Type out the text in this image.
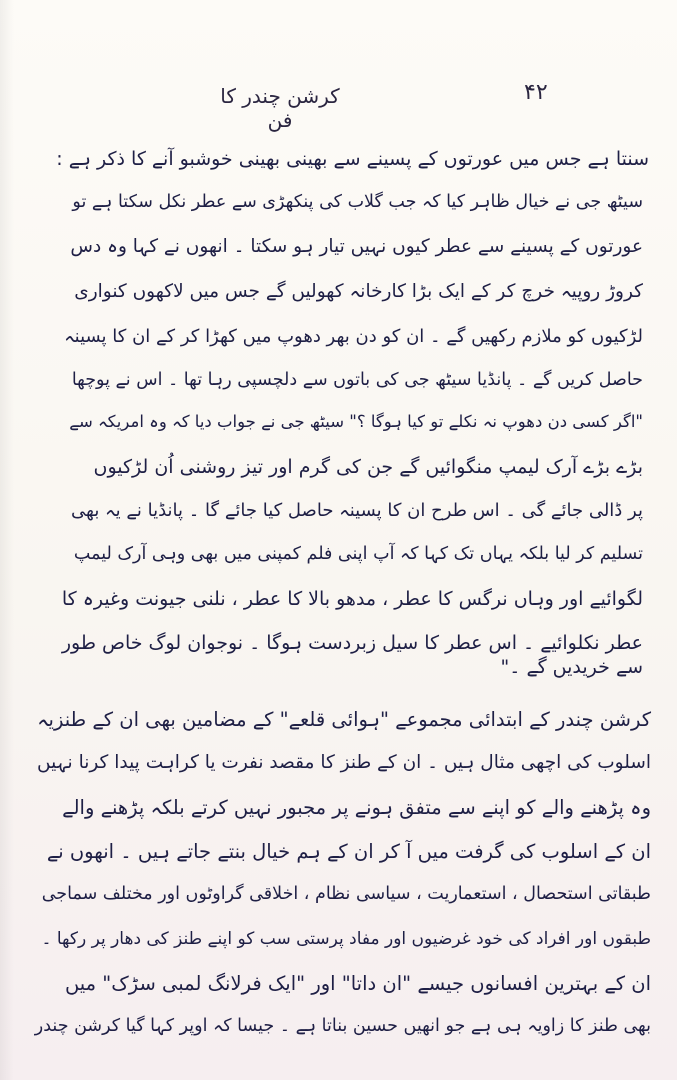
۴۲
کرشن چندر کا فن
سنتا ہے جس میں عورتوں کے پسینے سے بھینی بھینی خوشبو آنے کا ذکر ہے :
سیٹھ جی نے خیال ظاہر کیا کہ جب گلاب کی پنکھڑی سے عطر نکل سکتا ہے تو
عورتوں کے پسینے سے عطر کیوں نہیں تیار ہو سکتا ۔ انھوں نے کہا وہ دس
کروڑ روپیہ خرچ کر کے ایک بڑا کارخانہ کھولیں گے جس میں لاکھوں کنواری
لڑکیوں کو ملازم رکھیں گے ۔ ان کو دن بھر دھوپ میں کھڑا کر کے ان کا پسینہ
حاصل کریں گے ۔ پانڈیا سیٹھ جی کی باتوں سے دلچسپی رہا تھا ۔ اس نے پوچھا
"اگر کسی دن دھوپ نہ نکلے تو کیا ہوگا ؟" سیٹھ جی نے جواب دیا کہ وہ امریکہ سے
بڑے بڑے آرک لیمپ منگوائیں گے جن کی گرم اور تیز روشنی اُن لڑکیوں
پر ڈالی جائے گی ۔ اس طرح ان کا پسینہ حاصل کیا جائے گا ۔ پانڈیا نے یہ بھی
تسلیم کر لیا بلکہ یہاں تک کہا کہ آپ اپنی فلم کمپنی میں بھی وہی آرک لیمپ
لگوائیے اور وہاں نرگس کا عطر ، مدھو بالا کا عطر ، نلنی جیونت وغیرہ کا
عطر نکلوائیے ۔ اس عطر کا سیل زبردست ہوگا ۔ نوجوان لوگ خاص طور
سے خریدیں گے ۔"
کرشن چندر کے ابتدائی مجموعے "ہوائی قلعے" کے مضامین بھی ان کے طنزیہ
اسلوب کی اچھی مثال ہیں ۔ ان کے طنز کا مقصد نفرت یا کراہت پیدا کرنا نہیں
وہ پڑھنے والے کو اپنے سے متفق ہونے پر مجبور نہیں کرتے بلکہ پڑھنے والے
ان کے اسلوب کی گرفت میں آ کر ان کے ہم خیال بنتے جاتے ہیں ۔ انھوں نے
طبقاتی استحصال ، استعماریت ، سیاسی نظام ، اخلاقی گراوٹوں اور مختلف سماجی
طبقوں اور افراد کی خود غرضیوں اور مفاد پرستی سب کو اپنے طنز کی دھار پر رکھا ۔
ان کے بہترین افسانوں جیسے "ان داتا" اور "ایک فرلانگ لمبی سڑک" میں
بھی طنز کا زاویہ ہی ہے جو انھیں حسین بناتا ہے ۔ جیسا کہ اوپر کہا گیا کرشن چندر
